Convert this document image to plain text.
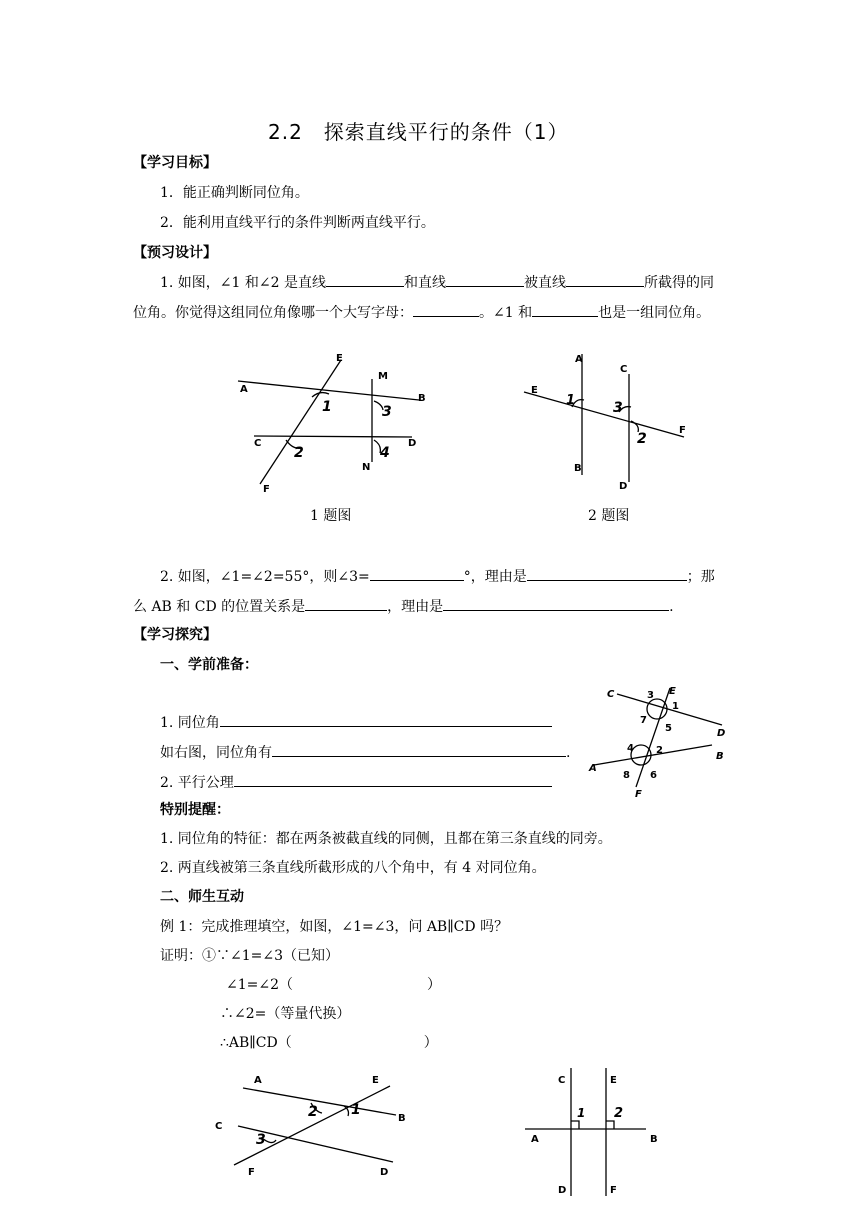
2.2　探索直线平行的条件（1）
【学习目标】
1．能正确判断同位角。
2．能利用直线平行的条件判断两直线平行。
【预习设计】
1. 如图，∠1 和∠2 是直线	和直线	被直线	所截得的同
位角。你觉得这组同位角像哪一个大写字母：	。∠1 和	也是一组同位角。
E
M
A
B
1	3
C	D
2	4
N
F
A
C
E
1	3
2
F
B
D
1 题图	2 题图
2. 如图，∠1=∠2=55°，则∠3=	°，理由是	；那
么 AB 和 CD 的位置关系是	，理由是	.
【学习探究】
一、学前准备：
1. 同位角
如右图，同位角有	.
2. 平行公理
C	3 E
1
7
5	D
4 2
B
A
8 6
F
特别提醒：
1. 同位角的特征：都在两条被截直线的同侧，且都在第三条直线的同旁。
2. 两直线被第三条直线所截形成的八个角中，有 4 对同位角。
二、师生互动
例 1：完成推理填空，如图，∠1=∠3，问 AB∥CD 吗？
证明：①∵∠1=∠3（已知）
∠1=∠2（	）
∴∠2=（等量代换）
∴AB∥CD（	）
A	E
2 1
B
C
3
F	D
C	E
1 2
A	B
D	F
